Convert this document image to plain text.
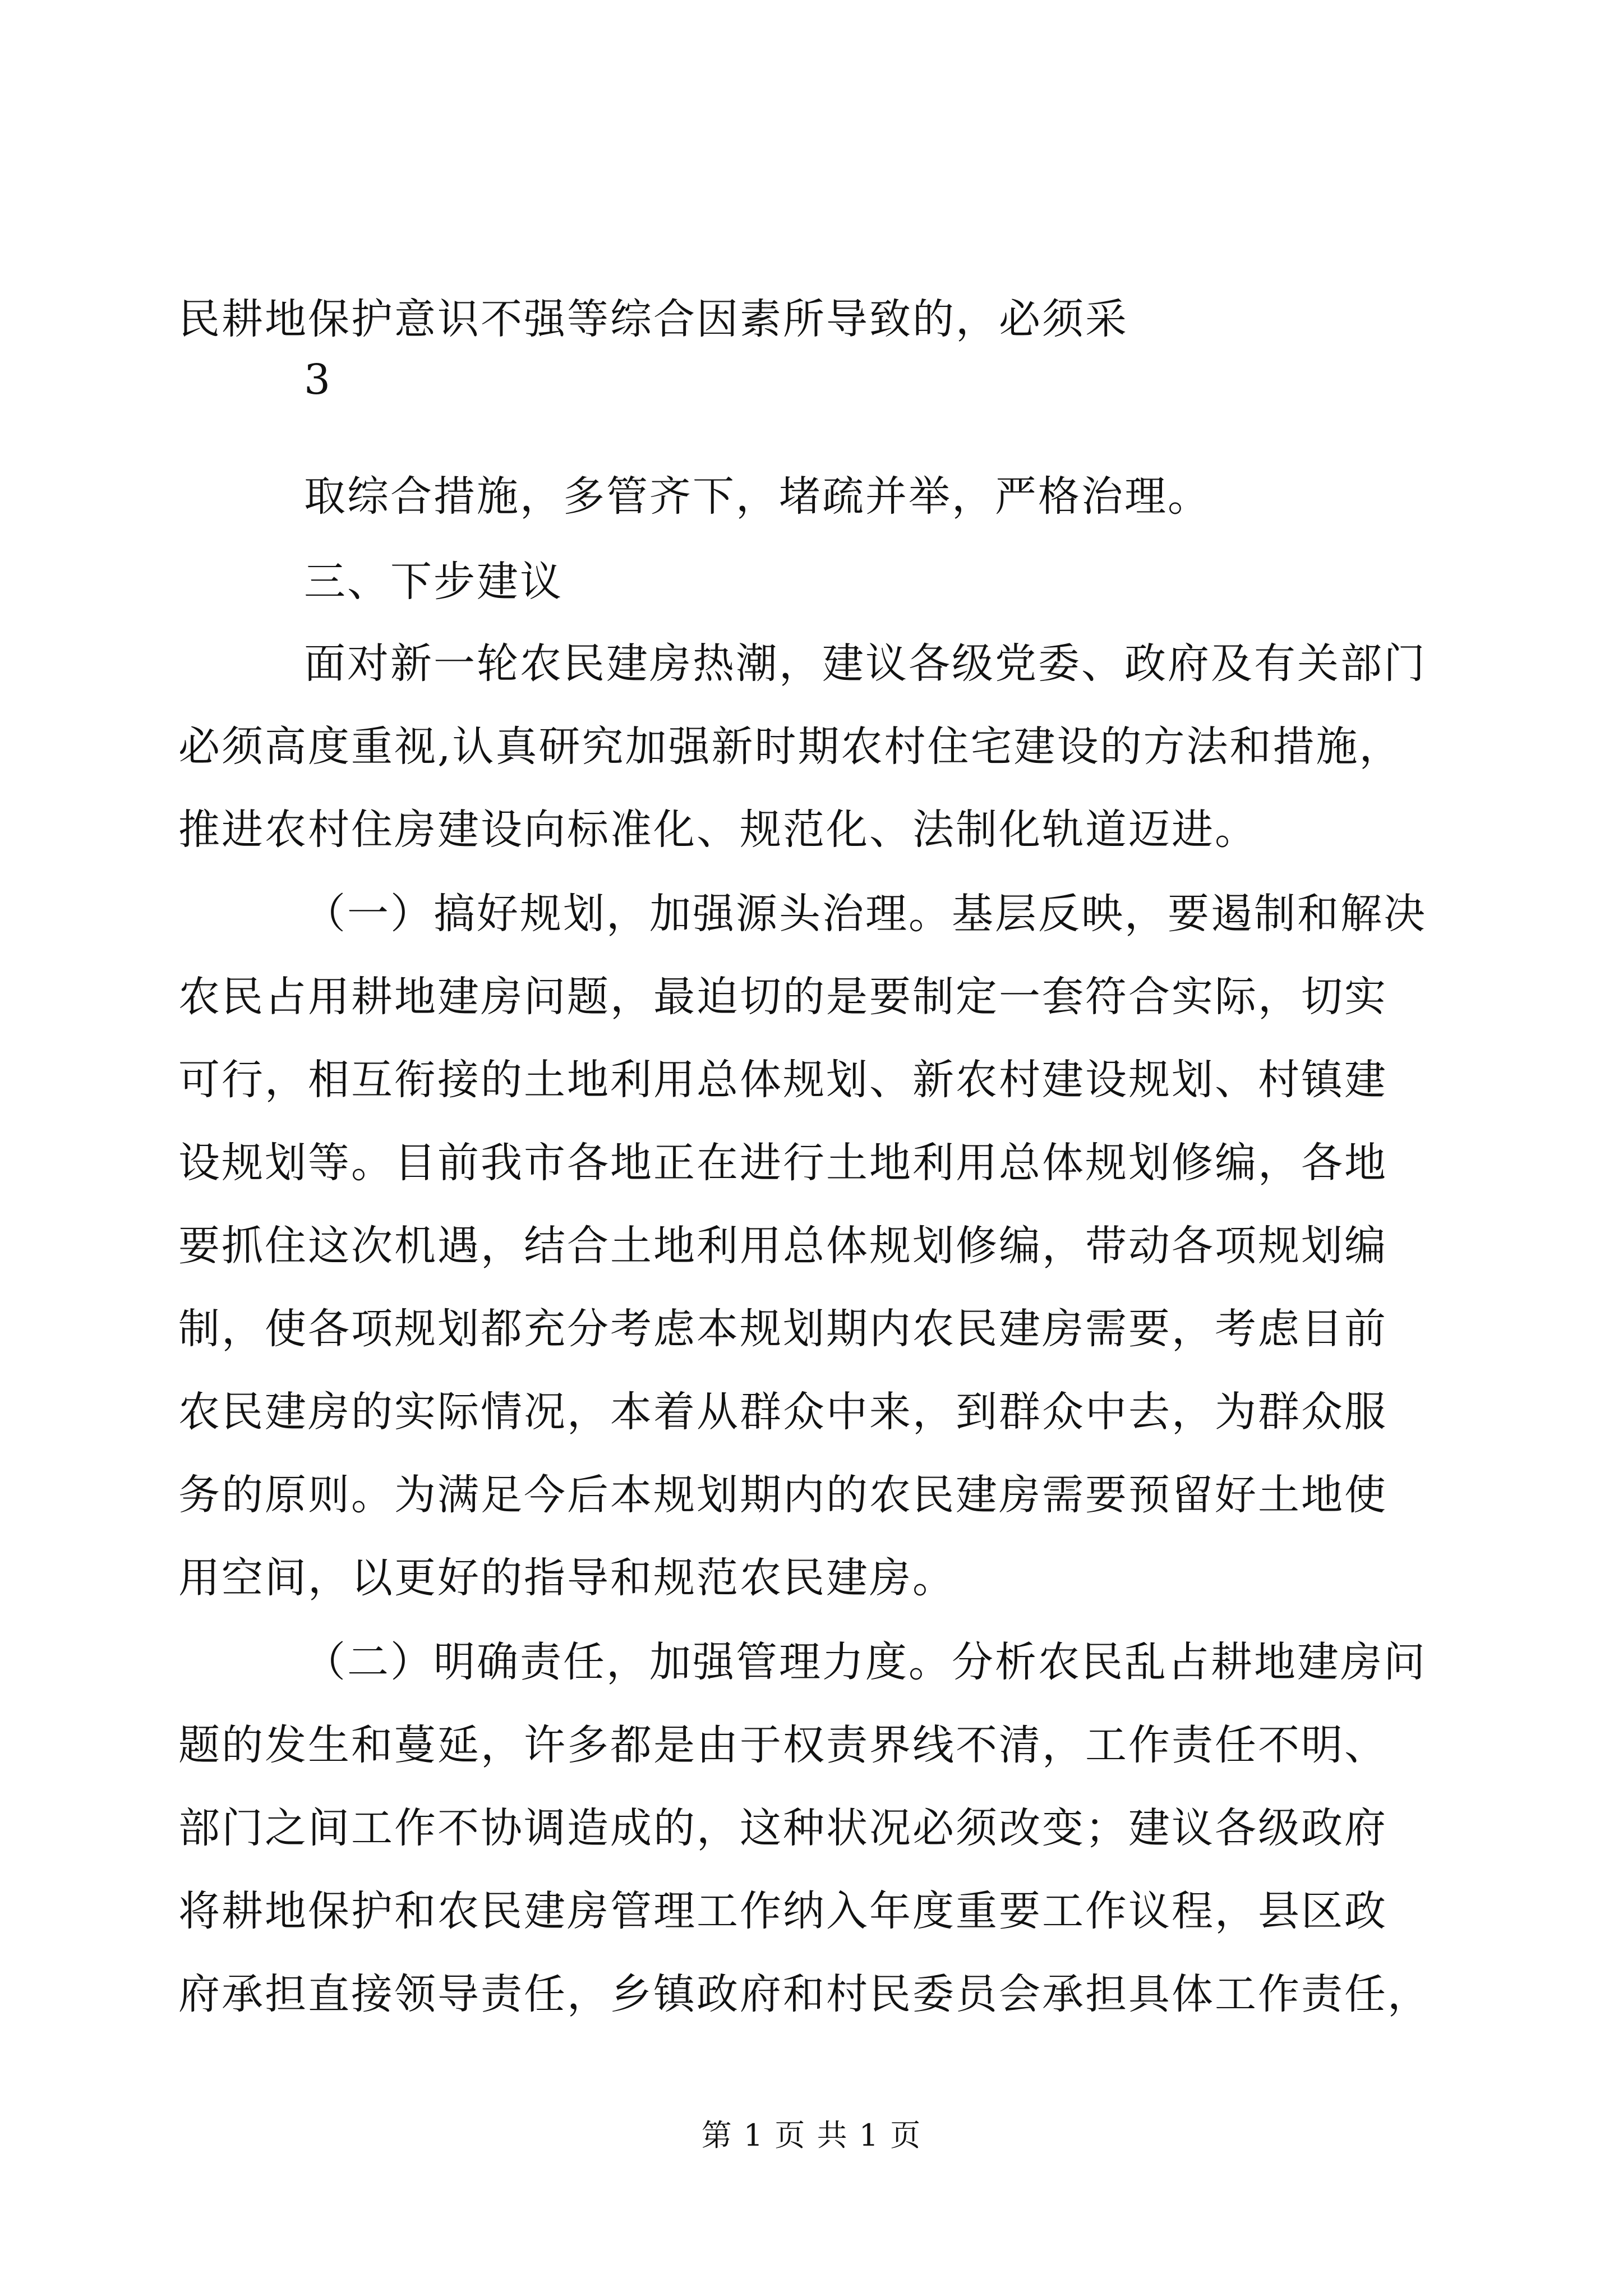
民耕地保护意识不强等综合因素所导致的，必须采
3
取综合措施，多管齐下，堵疏并举，严格治理。
三、下步建议
面对新一轮农民建房热潮，建议各级党委、政府及有关部门
必须高度重视,认真研究加强新时期农村住宅建设的方法和措施，
推进农村住房建设向标准化、规范化、法制化轨道迈进。
（一）搞好规划，加强源头治理。基层反映，要遏制和解决
农民占用耕地建房问题，最迫切的是要制定一套符合实际，切实
可行，相互衔接的土地利用总体规划、新农村建设规划、村镇建
设规划等。目前我市各地正在进行土地利用总体规划修编，各地
要抓住这次机遇，结合土地利用总体规划修编，带动各项规划编
制，使各项规划都充分考虑本规划期内农民建房需要，考虑目前
农民建房的实际情况，本着从群众中来，到群众中去，为群众服
务的原则。为满足今后本规划期内的农民建房需要预留好土地使
用空间，以更好的指导和规范农民建房。
（二）明确责任，加强管理力度。分析农民乱占耕地建房问
题的发生和蔓延，许多都是由于权责界线不清，工作责任不明、
部门之间工作不协调造成的，这种状况必须改变；建议各级政府
将耕地保护和农民建房管理工作纳入年度重要工作议程，县区政
府承担直接领导责任，乡镇政府和村民委员会承担具体工作责任，
第 1 页 共 1 页
